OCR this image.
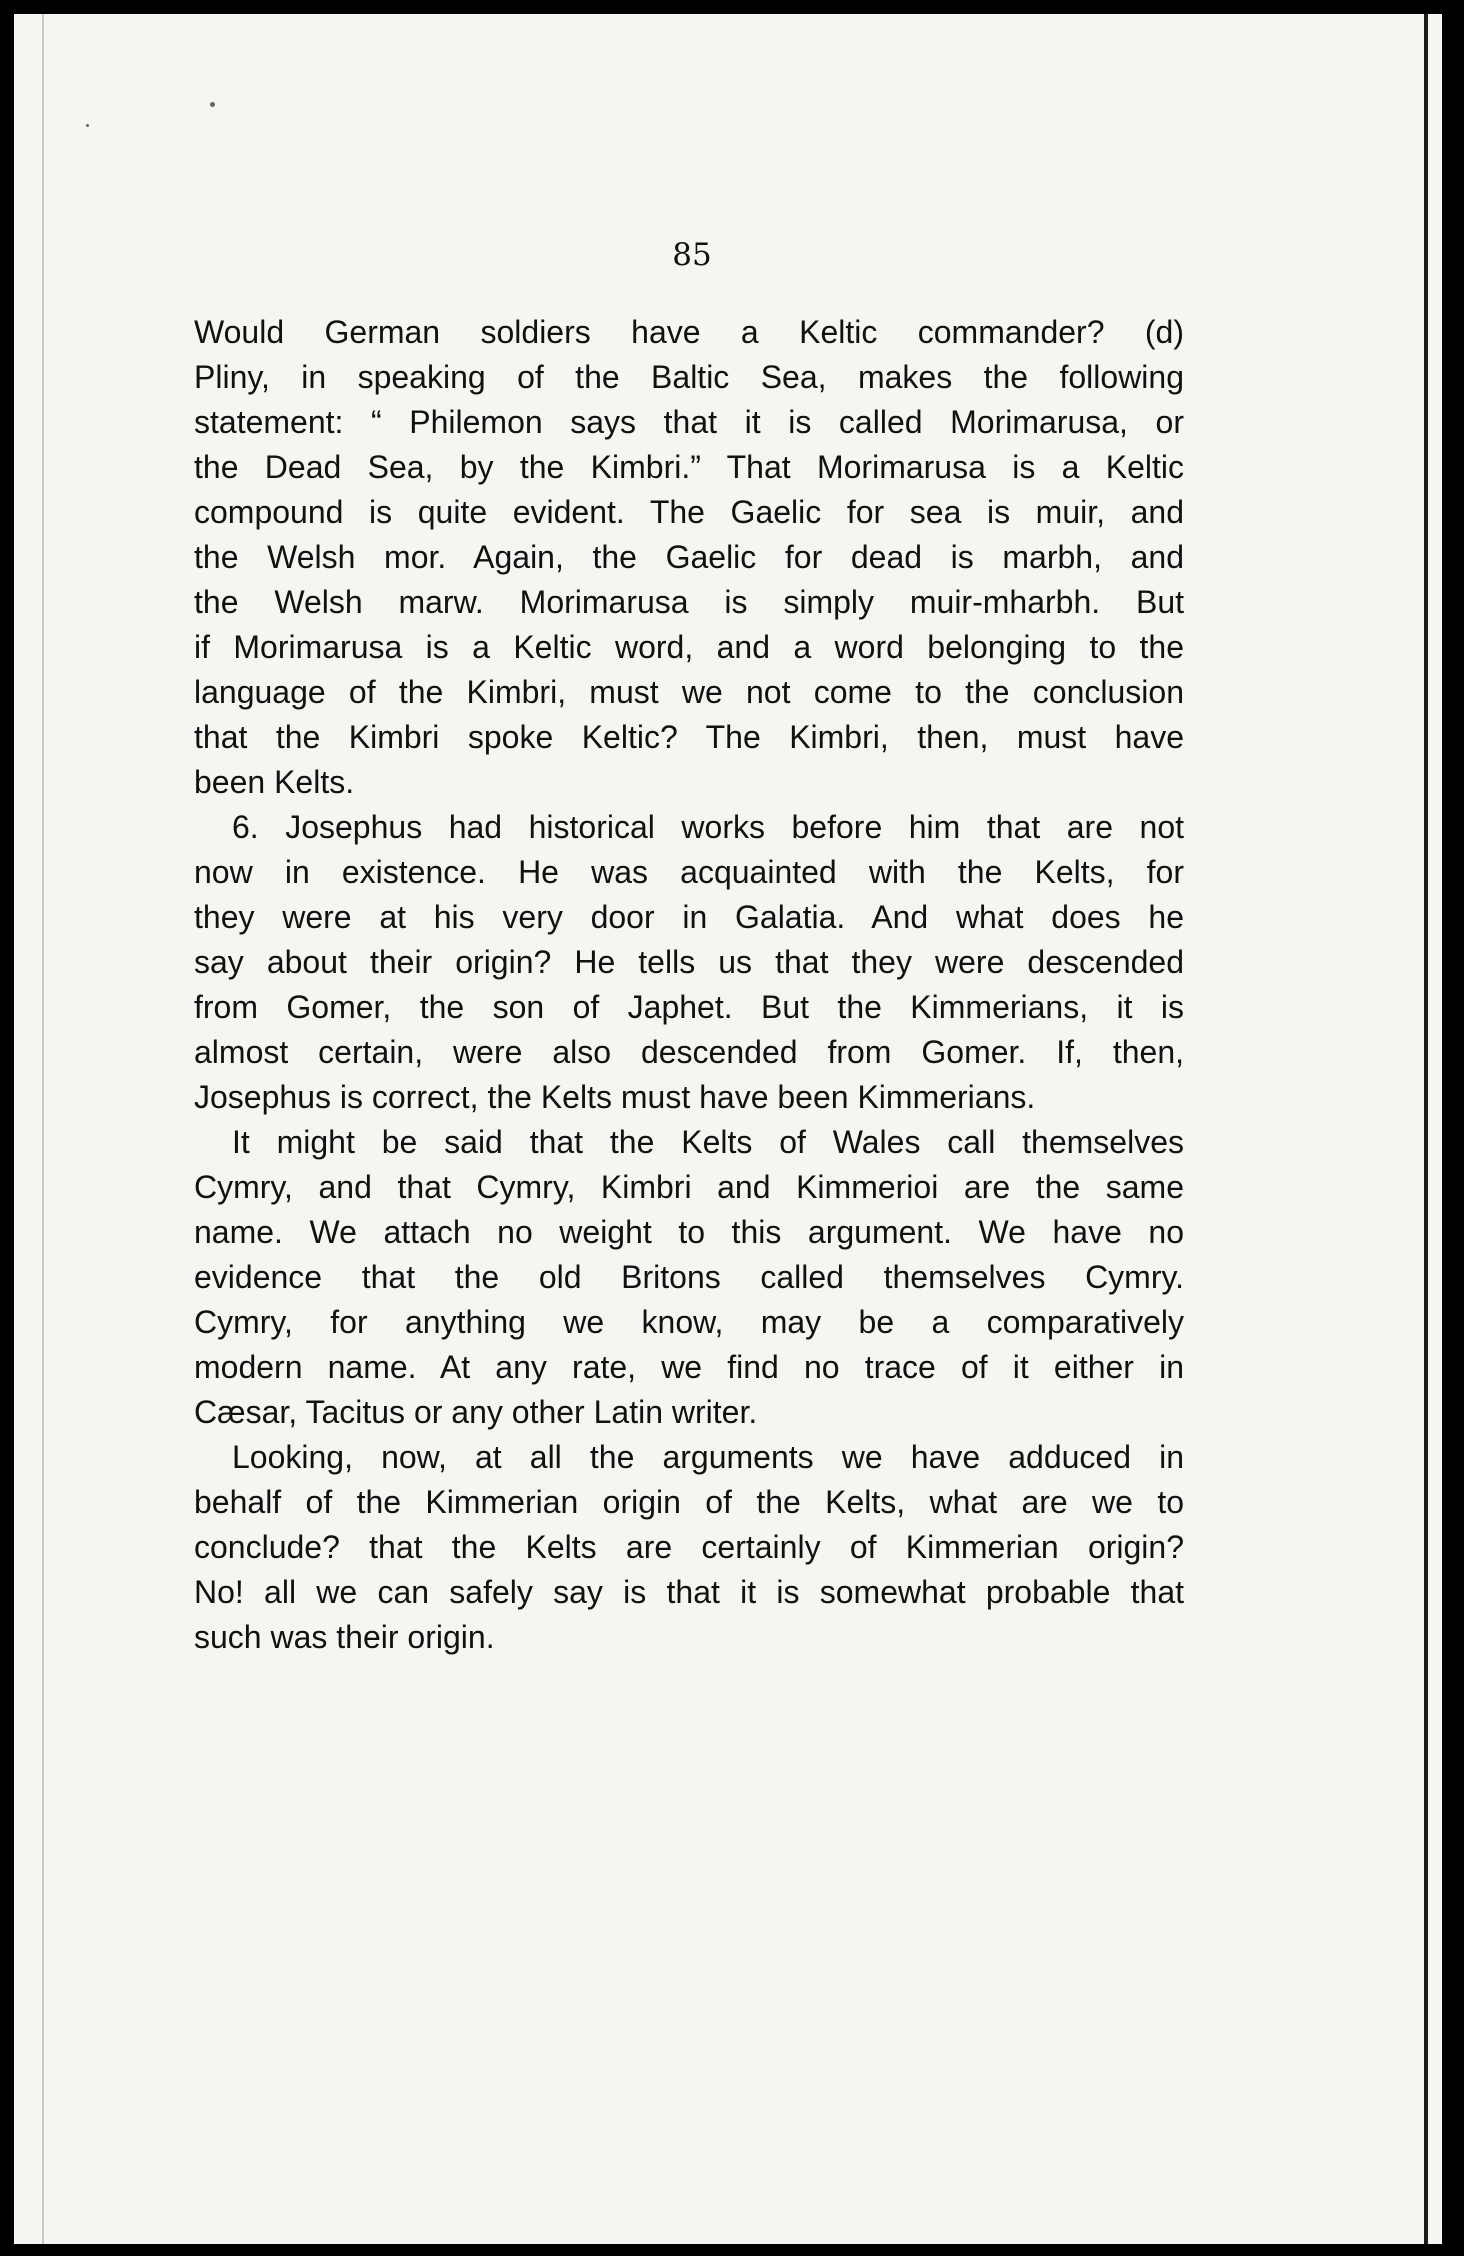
85

Would German soldiers have a Keltic commander? (d)
Pliny, in speaking of the Baltic Sea, makes the following
statement: “ Philemon says that it is called Morimarusa, or
the Dead Sea, by the Kimbri.” That Morimarusa is a Keltic
compound is quite evident. The Gaelic for sea is muir, and
the Welsh mor. Again, the Gaelic for dead is marbh, and
the Welsh marw. Morimarusa is simply muir-mharbh. But
if Morimarusa is a Keltic word, and a word belonging to the
language of the Kimbri, must we not come to the conclusion
that the Kimbri spoke Keltic? The Kimbri, then, must have
been Kelts.

6. Josephus had historical works before him that are not
now in existence. He was acquainted with the Kelts, for
they were at his very door in Galatia. And what does he
say about their origin? He tells us that they were descended
from Gomer, the son of Japhet. But the Kimmerians, it is
almost certain, were also descended from Gomer. If, then,
Josephus is correct, the Kelts must have been Kimmerians.

It might be said that the Kelts of Wales call themselves
Cymry, and that Cymry, Kimbri and Kimmerioi are the same
name. We attach no weight to this argument. We have no
evidence that the old Britons called themselves Cymry.
Cymry, for anything we know, may be a comparatively
modern name. At any rate, we find no trace of it either in
Cæsar, Tacitus or any other Latin writer.

Looking, now, at all the arguments we have adduced in
behalf of the Kimmerian origin of the Kelts, what are we to
conclude? that the Kelts are certainly of Kimmerian origin?
No! all we can safely say is that it is somewhat probable that
such was their origin.
